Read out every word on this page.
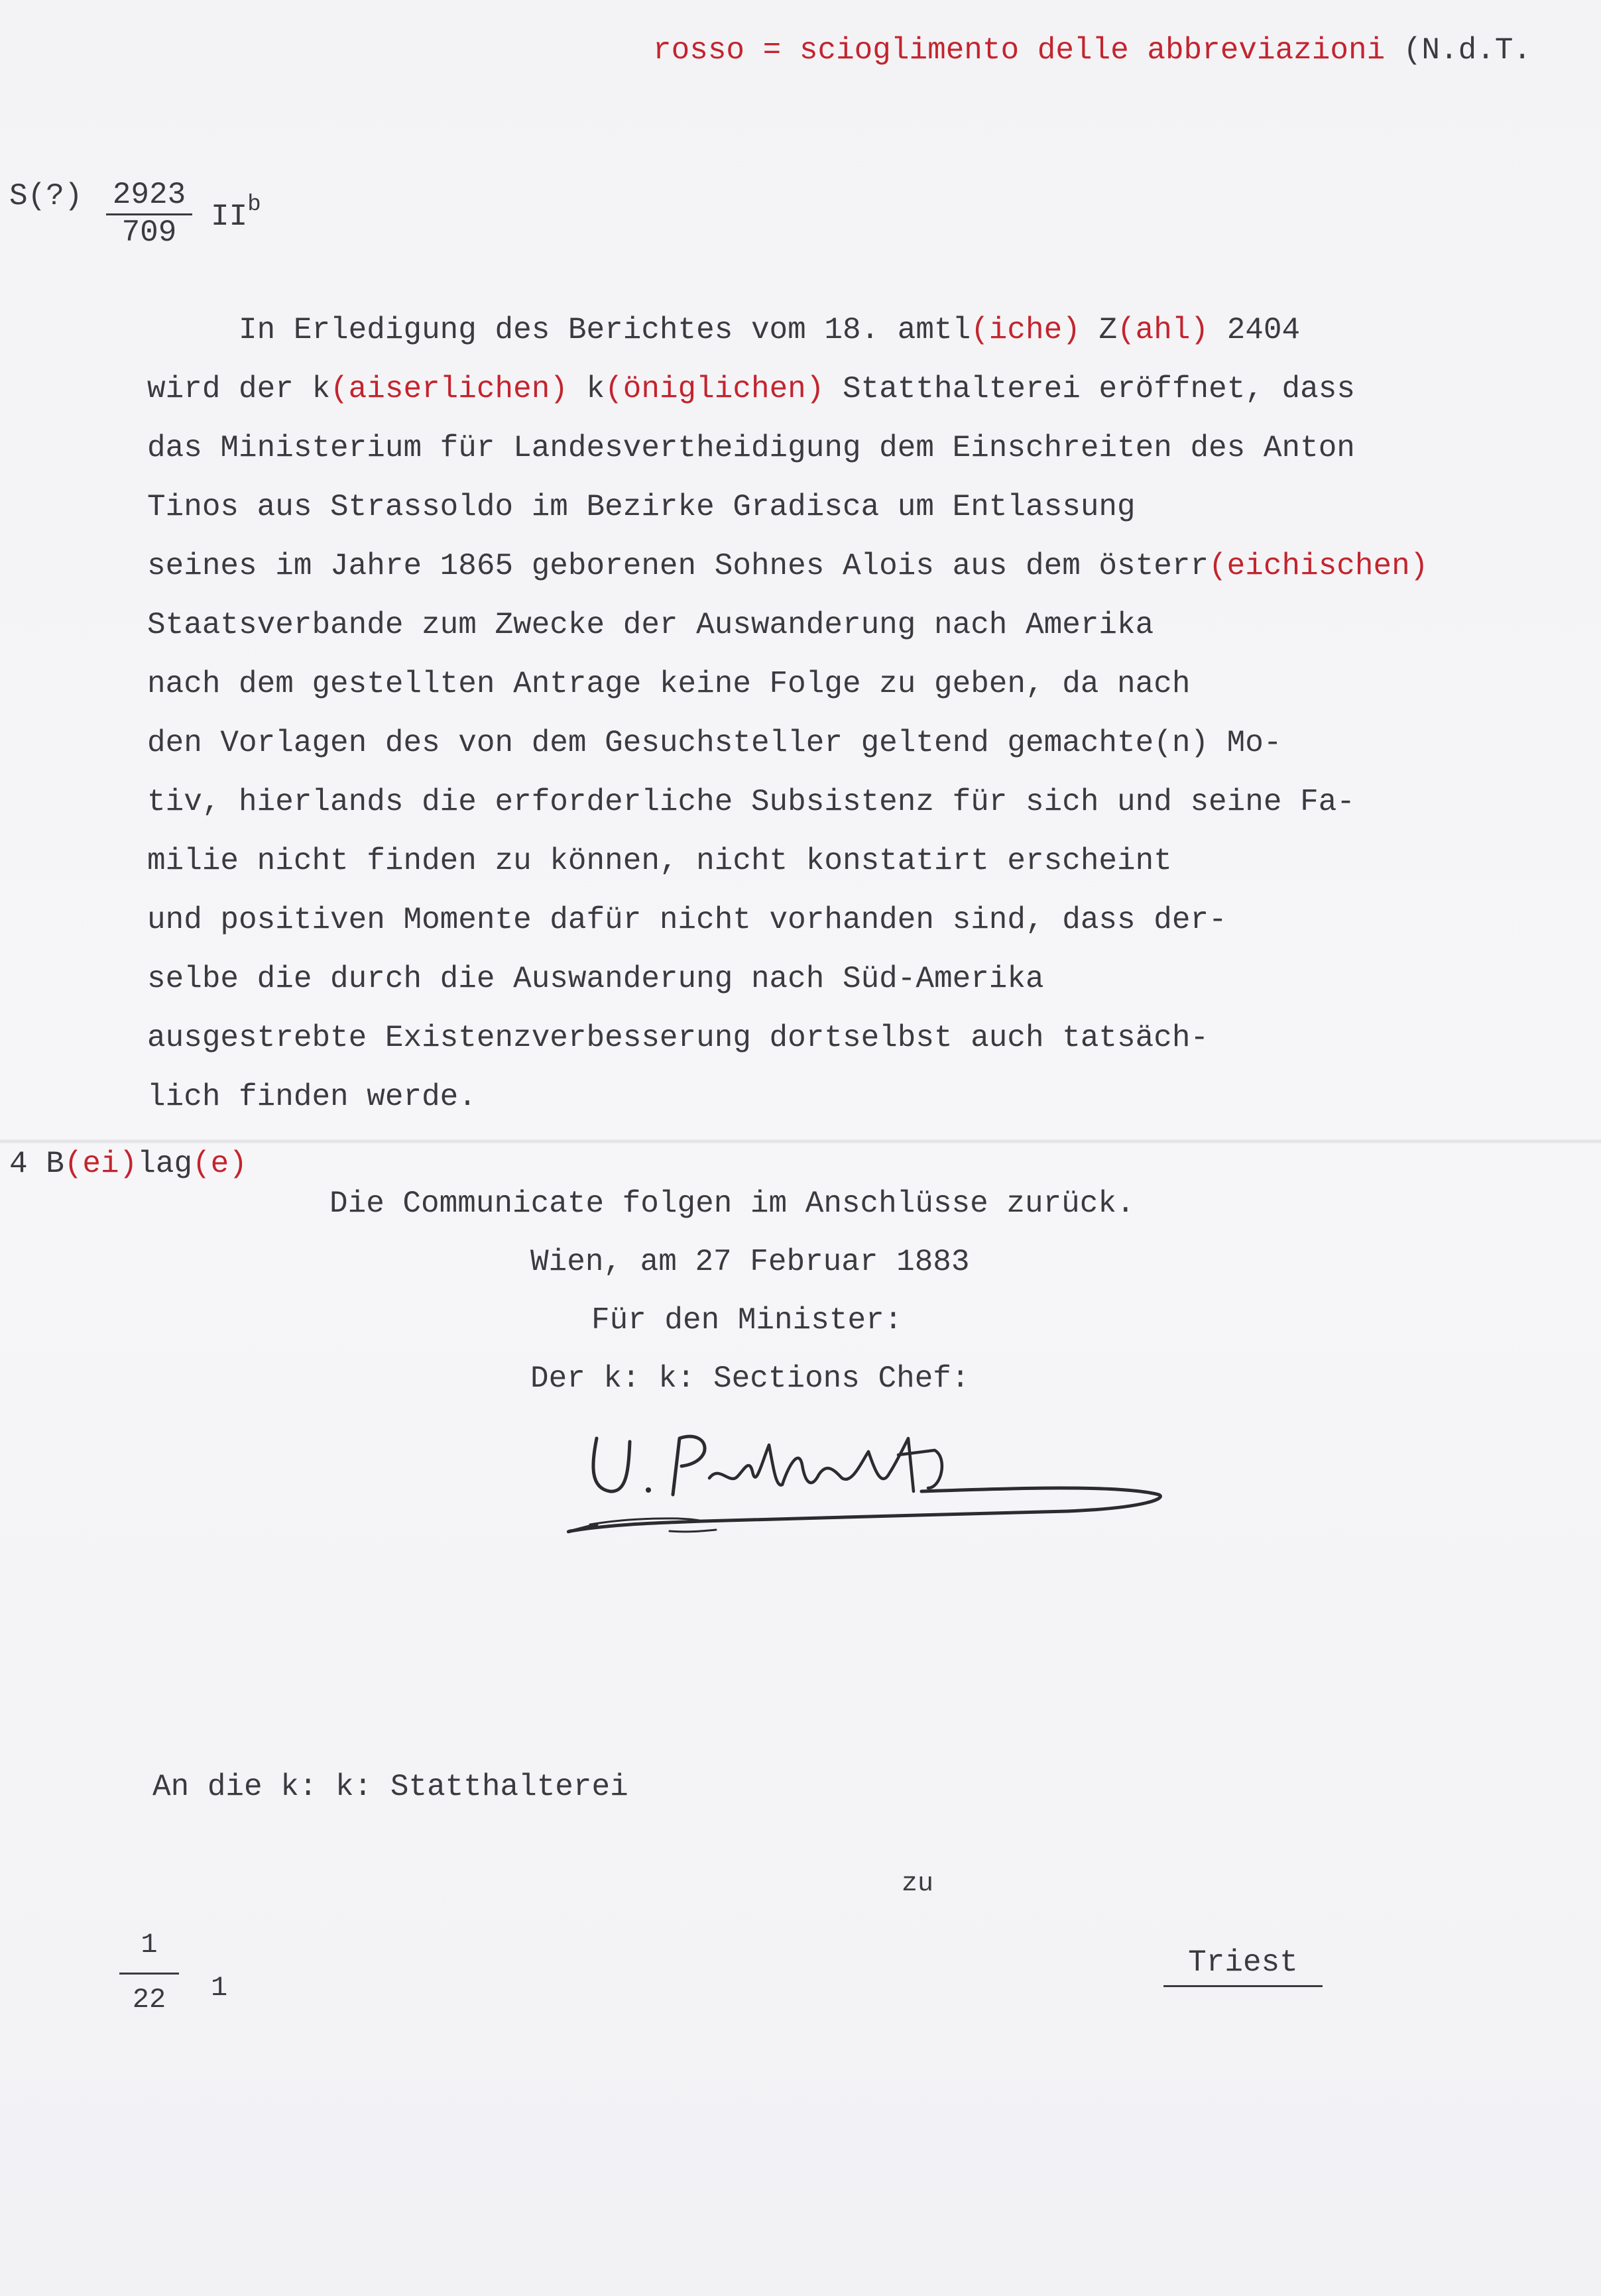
rosso = scioglimento delle abbreviazioni (N.d.T.
S(?) $\frac{2923}{709} II^b$
In Erledigung des Berichtes vom 18. amtl(iche) Z(ahl) 2404
wird der k(aiserlichen) k(öniglichen) Statthalterei eröffnet, dass
das Ministerium für Landesvertheidigung dem Einschreiten des Anton
Tinos aus Strassoldo im Bezirke Gradisca um Entlassung
seines im Jahre 1865 geborenen Sohnes Alois aus dem österr(eichischen)
Staatsverbande zum Zwecke der Auswanderung nach Amerika
nach dem gestellten Antrage keine Folge zu geben, da nach
den Vorlagen des von dem Gesuchsteller geltend gemachte(n) Mo-
tiv, hierlands die erforderliche Subsistenz für sich und seine Fa-
milie nicht finden zu können, nicht konstatirt erscheint
und positiven Momente dafür nicht vorhanden sind, dass der-
selbe die durch die Auswanderung nach Süd-Amerika
ausgestrebte Existenzverbesserung dortselbst auch tatsäch-
lich finden werde.
4 B(ei)lag(e)
Die Communicate folgen im Anschlüsse zurück.
Wien, am 27 Februar 1883
Für den Minister:
Der k: k: Sections Chef:
An die k: k: Statthalterei
zu
Triest
$\frac{1}{22} 1$
